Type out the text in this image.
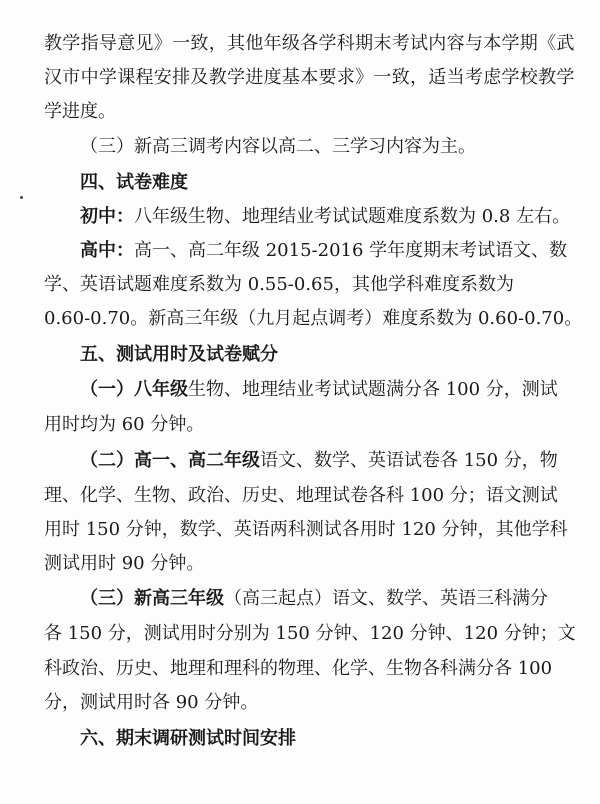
教学指导意见》一致，其他年级各学科期末考试内容与本学期《武
汉市中学课程安排及教学进度基本要求》一致，适当考虑学校教学
学进度。
（三）新高三调考内容以高二、三学习内容为主。
四、试卷难度
初中：八年级生物、地理结业考试试题难度系数为 0.8 左右。
高中：高一、高二年级 2015-2016 学年度期末考试语文、数
学、英语试题难度系数为 0.55-0.65，其他学科难度系数为
0.60-0.70。新高三年级（九月起点调考）难度系数为 0.60-0.70。
五、测试用时及试卷赋分
（一）八年级生物、地理结业考试试题满分各 100 分，测试
用时均为 60 分钟。
（二）高一、高二年级语文、数学、英语试卷各 150 分，物
理、化学、生物、政治、历史、地理试卷各科 100 分；语文测试
用时 150 分钟，数学、英语两科测试各用时 120 分钟，其他学科
测试用时 90 分钟。
（三）新高三年级（高三起点）语文、数学、英语三科满分
各 150 分，测试用时分别为 150 分钟、120 分钟、120 分钟；文
科政治、历史、地理和理科的物理、化学、生物各科满分各 100
分，测试用时各 90 分钟。
六、期末调研测试时间安排
